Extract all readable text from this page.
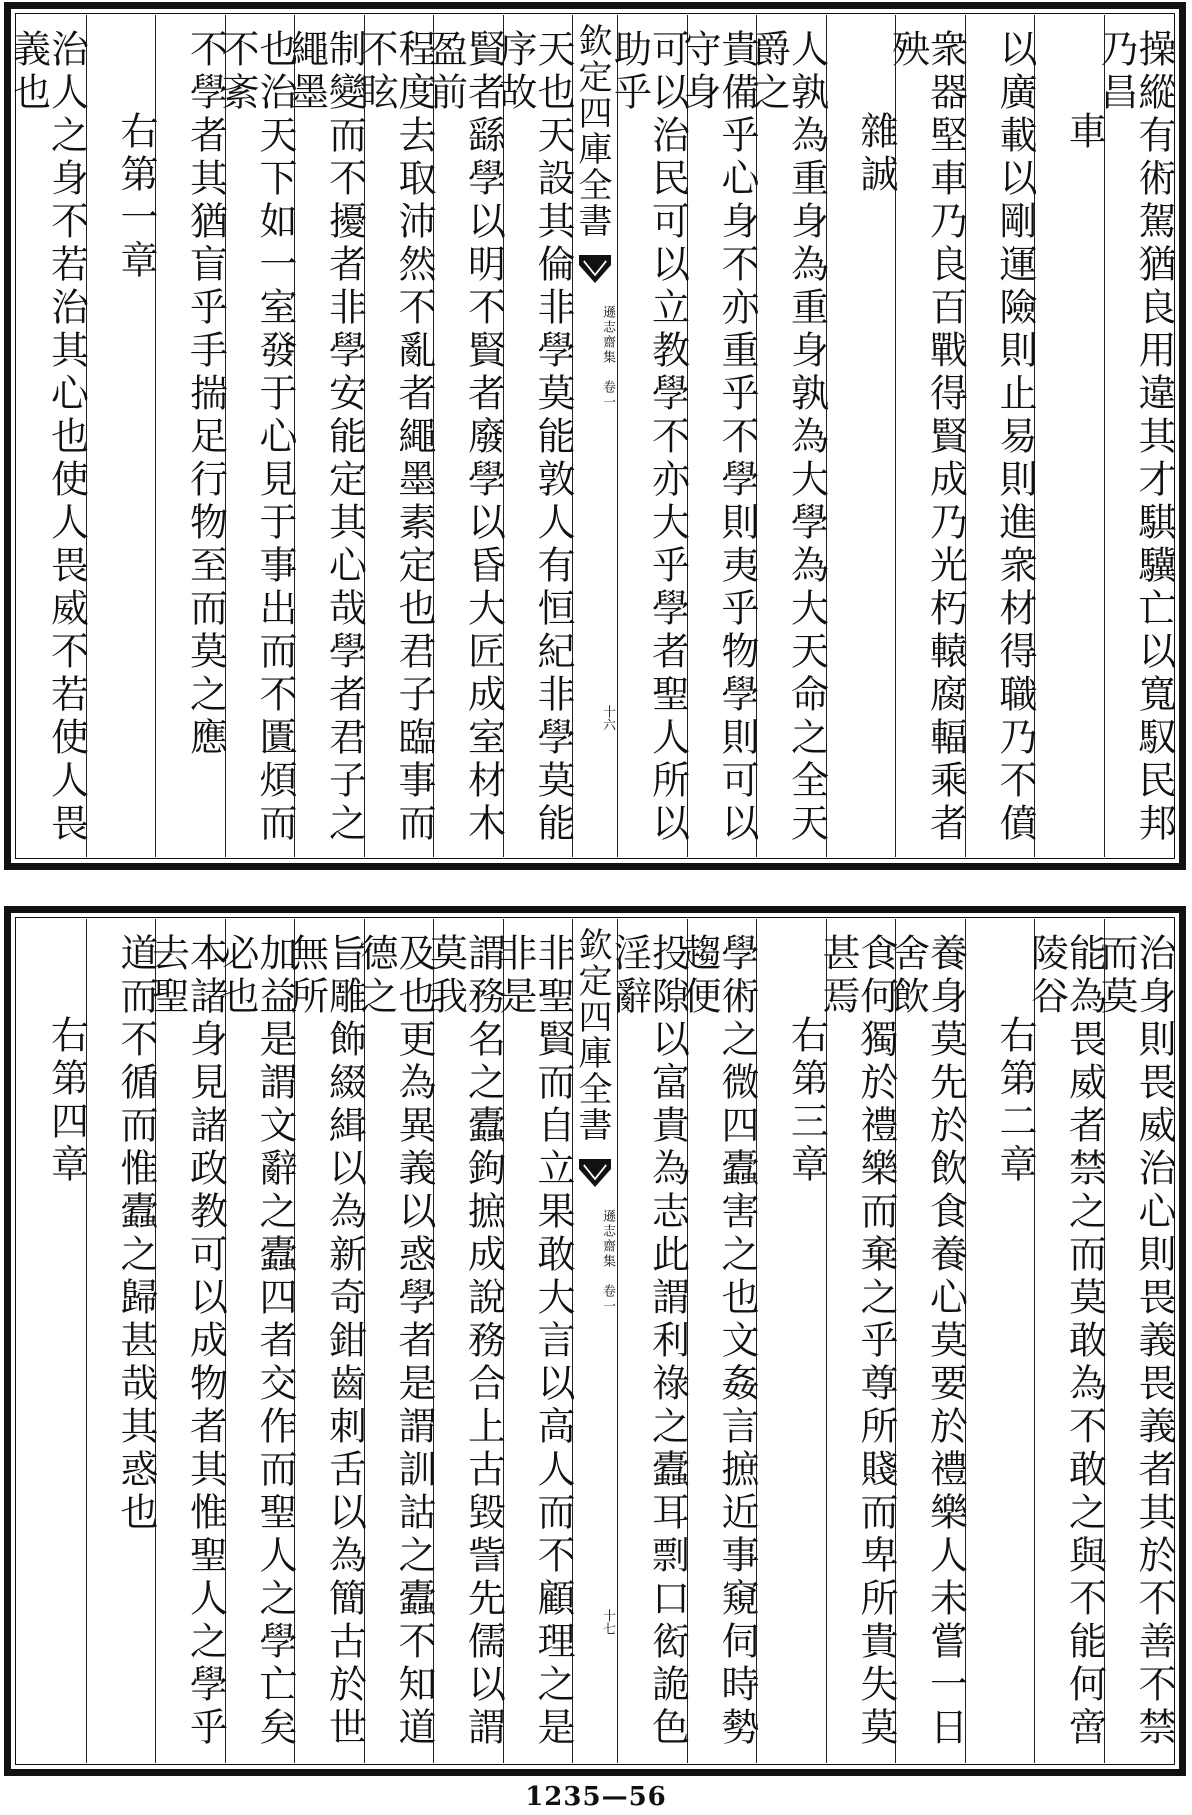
操縱有術駕猶良用違其才騏驥亡以寬馭民邦乃昌
車
以廣載以剛運險則止易則進衆材得職乃不僨
衆器堅車乃良百戰得賢成乃光朽轅腐輻乘者殃
雜誠
人孰為重身為重身孰為大學為大天命之全天爵之
貴備乎心身不亦重乎不學則夷乎物學則可以守身
可以治民可以立教學不亦大乎學者聖人所以助乎
欽定四庫全書
遜志齋集　卷一
十六
天也天設其倫非學莫能敦人有恒紀非學莫能序故
賢者繇學以明不賢者廢學以昏大匠成室材木盈前
程度去取沛然不亂者繩墨素定也君子臨事而不眩
制變而不擾者非學安能定其心哉學者君子之繩墨
也治天下如一室發于心見于事出而不匱煩而不紊
不學者其猶盲乎手揣足行物至而莫之應
右第一章
治人之身不若治其心也使人畏威不若使人畏義也
治身則畏威治心則畏義畏義者其於不善不禁而莫
能為畏威者禁之而莫敢為不敢之與不能何啻陵谷
右第二章
養身莫先於飲食養心莫要於禮樂人未嘗一日舍飲
食何獨於禮樂而棄之乎尊所賤而卑所貴失莫甚焉
右第三章
學術之微四蠹害之也文姦言摭近事窺伺時勢趨便
投隙以富貴為志此謂利祿之蠹耳剽口衒詭色淫辭
欽定四庫全書
遜志齋集　卷一
十七
非聖賢而自立果敢大言以高人而不顧理之是非是
謂務名之蠹鉤摭成說務合上古毀訾先儒以謂莫我
及也更為異義以惑學者是謂訓詁之蠹不知道德之
旨雕飾綴緝以為新奇鉗齒刺舌以為簡古於世無所
加益是謂文辭之蠹四者交作而聖人之學亡矣必也
本諸身見諸政教可以成物者其惟聖人之學乎去聖
道而不循而惟蠹之歸甚哉其惑也
右第四章
1235—56
